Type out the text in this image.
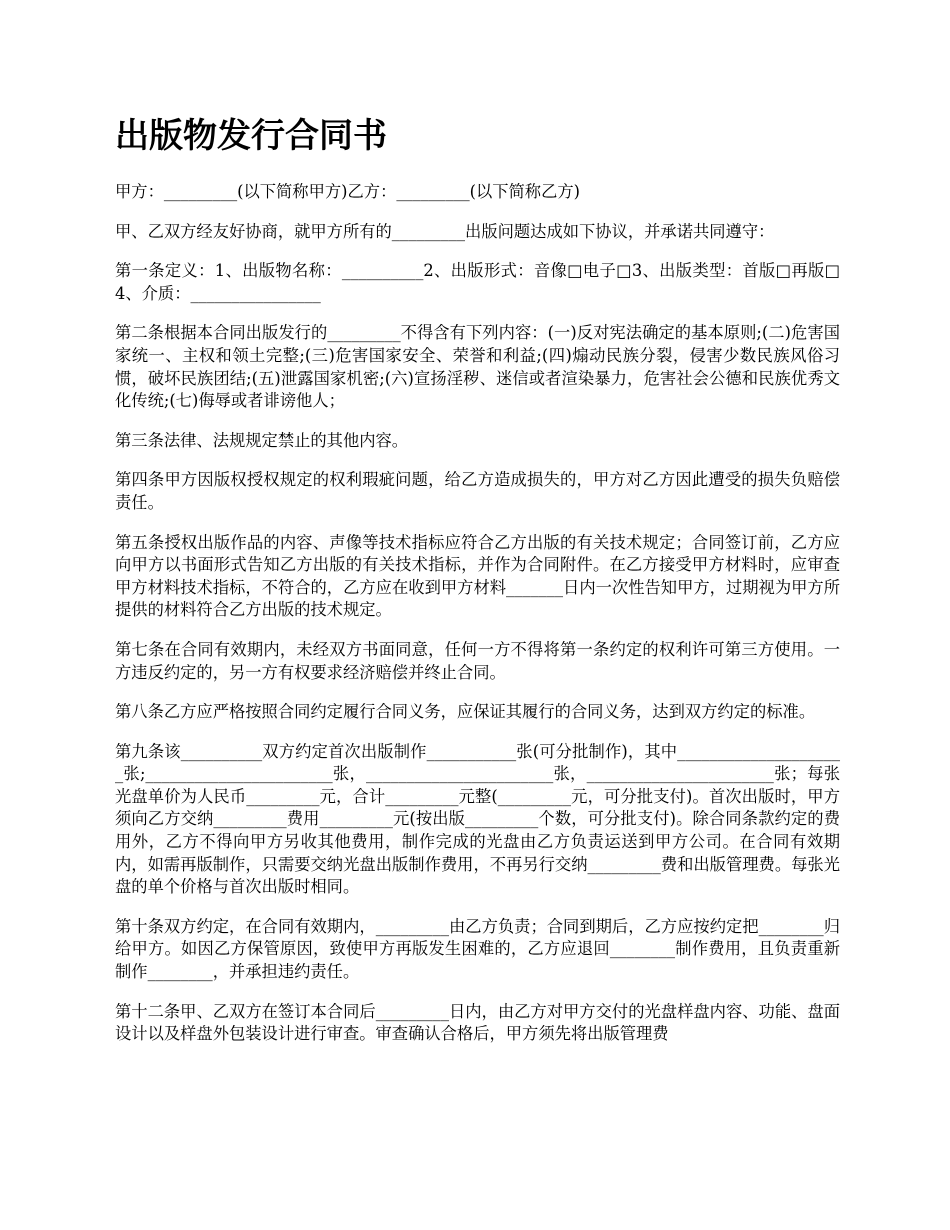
出版物发行合同书

甲方：_________(以下简称甲方)乙方：_________(以下简称乙方)

甲、乙双方经友好协商，就甲方所有的_________出版问题达成如下协议，并承诺共同遵守：

第一条定义：1、出版物名称：__________2、出版形式：音像□电子□3、出版类型：首版□再版□4、介质：________________

第二条根据本合同出版发行的_________不得含有下列内容：(一)反对宪法确定的基本原则;(二)危害国家统一、主权和领土完整;(三)危害国家安全、荣誉和利益;(四)煽动民族分裂，侵害少数民族风俗习惯，破坏民族团结;(五)泄露国家机密;(六)宣扬淫秽、迷信或者渲染暴力，危害社会公德和民族优秀文化传统;(七)侮辱或者诽谤他人；

第三条法律、法规规定禁止的其他内容。

第四条甲方因版权授权规定的权利瑕疵问题，给乙方造成损失的，甲方对乙方因此遭受的损失负赔偿责任。

第五条授权出版作品的内容、声像等技术指标应符合乙方出版的有关技术规定；合同签订前，乙方应向甲方以书面形式告知乙方出版的有关技术指标，并作为合同附件。在乙方接受甲方材料时，应审查甲方材料技术指标，不符合的，乙方应在收到甲方材料_______日内一次性告知甲方，过期视为甲方所提供的材料符合乙方出版的技术规定。

第七条在合同有效期内，未经双方书面同意，任何一方不得将第一条约定的权利许可第三方使用。一方违反约定的，另一方有权要求经济赔偿并终止合同。

第八条乙方应严格按照合同约定履行合同义务，应保证其履行的合同义务，达到双方约定的标准。

第九条该__________双方约定首次出版制作___________张(可分批制作)，其中_____________________张;_______________________张，_______________________张，_______________________张；每张光盘单价为人民币_________元，合计_________元整(_________元，可分批支付)。首次出版时，甲方须向乙方交纳_________费用_________元(按出版_________个数，可分批支付)。除合同条款约定的费用外，乙方不得向甲方另收其他费用，制作完成的光盘由乙方负责运送到甲方公司。在合同有效期内，如需再版制作，只需要交纳光盘出版制作费用，不再另行交纳_________费和出版管理费。每张光盘的单个价格与首次出版时相同。

第十条双方约定，在合同有效期内，_________由乙方负责；合同到期后，乙方应按约定把________归给甲方。如因乙方保管原因，致使甲方再版发生困难的，乙方应退回________制作费用，且负责重新制作________，并承担违约责任。

第十二条甲、乙双方在签订本合同后_________日内，由乙方对甲方交付的光盘样盘内容、功能、盘面设计以及样盘外包装设计进行审查。审查确认合格后，甲方须先将出版管理费
